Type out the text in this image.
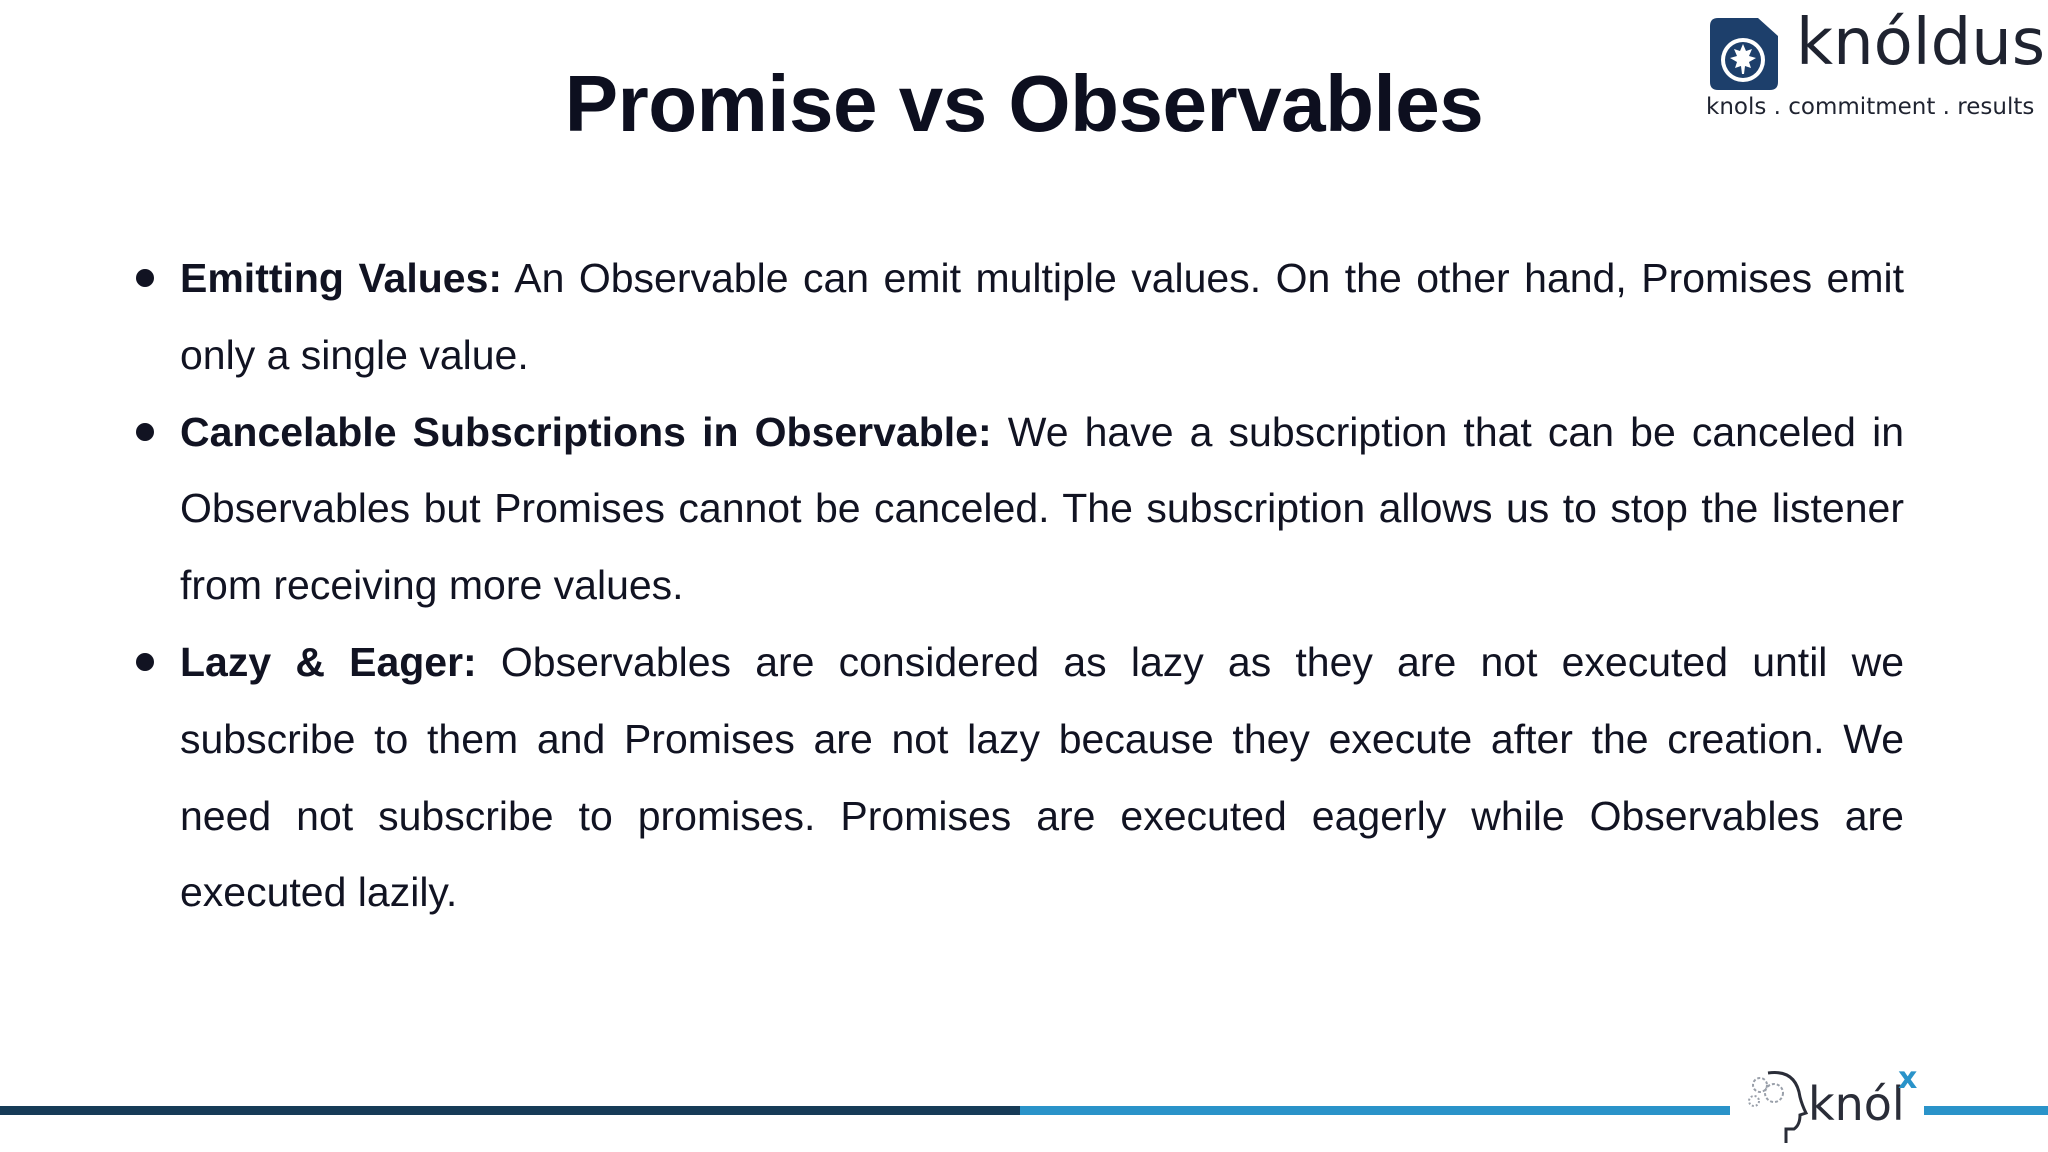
Promise vs Observables
knóldus
knols . commitment . results
Emitting Values: An Observable can emit multiple values. On the other hand, Promises emit only a single value.
Cancelable Subscriptions in Observable: We have a subscription that can be canceled in Observables but Promises cannot be canceled. The subscription allows us to stop the listener from receiving more values.
Lazy & Eager: Observables are considered as lazy as they are not executed until we subscribe to them and Promises are not lazy because they execute after the creation. We need not subscribe to promises. Promises are executed eagerly while Observables are executed lazily.
knól
x
